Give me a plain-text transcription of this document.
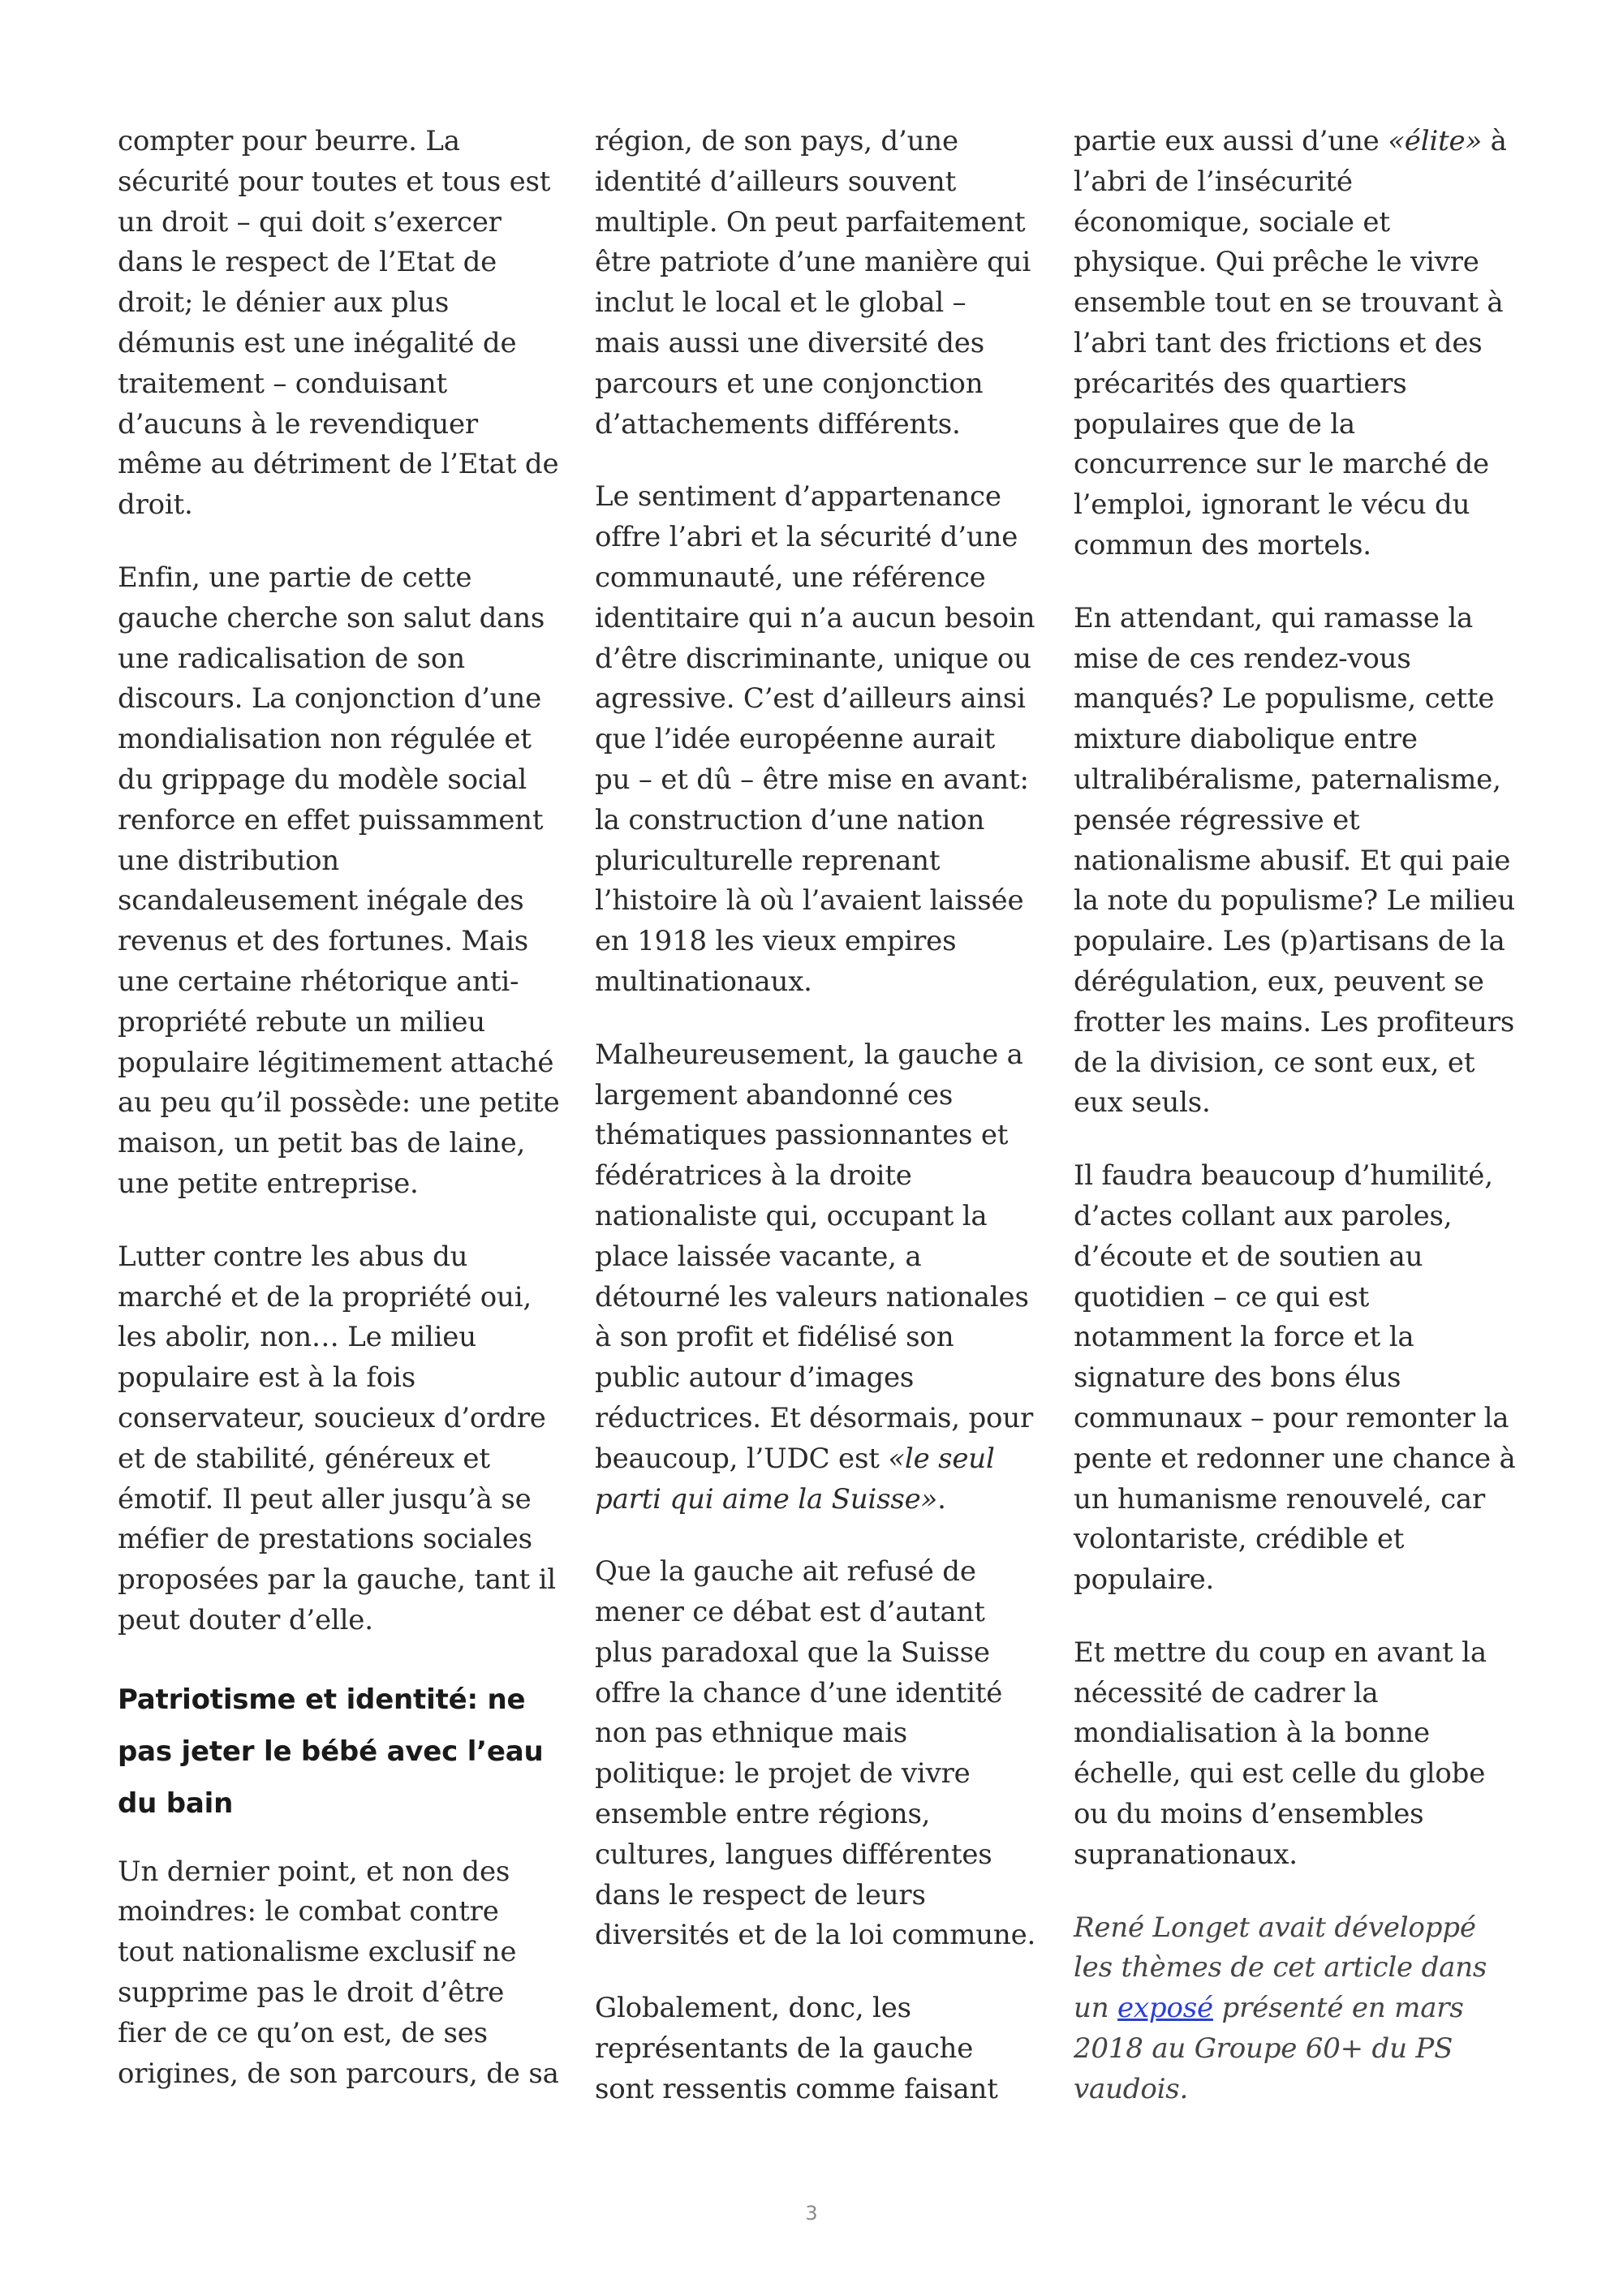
compter pour beurre. La
sécurité pour toutes et tous est
un droit – qui doit s’exercer
dans le respect de l’Etat de
droit; le dénier aux plus
démunis est une inégalité de
traitement – conduisant
d’aucuns à le revendiquer
même au détriment de l’Etat de
droit.

Enfin, une partie de cette
gauche cherche son salut dans
une radicalisation de son
discours. La conjonction d’une
mondialisation non régulée et
du grippage du modèle social
renforce en effet puissamment
une distribution
scandaleusement inégale des
revenus et des fortunes. Mais
une certaine rhétorique anti-
propriété rebute un milieu
populaire légitimement attaché
au peu qu’il possède: une petite
maison, un petit bas de laine,
une petite entreprise.

Lutter contre les abus du
marché et de la propriété oui,
les abolir, non… Le milieu
populaire est à la fois
conservateur, soucieux d’ordre
et de stabilité, généreux et
émotif. Il peut aller jusqu’à se
méfier de prestations sociales
proposées par la gauche, tant il
peut douter d’elle.

Patriotisme et identité: ne
pas jeter le bébé avec l’eau
du bain

Un dernier point, et non des
moindres: le combat contre
tout nationalisme exclusif ne
supprime pas le droit d’être
fier de ce qu’on est, de ses
origines, de son parcours, de sa

région, de son pays, d’une
identité d’ailleurs souvent
multiple. On peut parfaitement
être patriote d’une manière qui
inclut le local et le global –
mais aussi une diversité des
parcours et une conjonction
d’attachements différents.

Le sentiment d’appartenance
offre l’abri et la sécurité d’une
communauté, une référence
identitaire qui n’a aucun besoin
d’être discriminante, unique ou
agressive. C’est d’ailleurs ainsi
que l’idée européenne aurait
pu – et dû – être mise en avant:
la construction d’une nation
pluriculturelle reprenant
l’histoire là où l’avaient laissée
en 1918 les vieux empires
multinationaux.

Malheureusement, la gauche a
largement abandonné ces
thématiques passionnantes et
fédératrices à la droite
nationaliste qui, occupant la
place laissée vacante, a
détourné les valeurs nationales
à son profit et fidélisé son
public autour d’images
réductrices. Et désormais, pour
beaucoup, l’UDC est «le seul
parti qui aime la Suisse».

Que la gauche ait refusé de
mener ce débat est d’autant
plus paradoxal que la Suisse
offre la chance d’une identité
non pas ethnique mais
politique: le projet de vivre
ensemble entre régions,
cultures, langues différentes
dans le respect de leurs
diversités et de la loi commune.

Globalement, donc, les
représentants de la gauche
sont ressentis comme faisant

partie eux aussi d’une «élite» à
l’abri de l’insécurité
économique, sociale et
physique. Qui prêche le vivre
ensemble tout en se trouvant à
l’abri tant des frictions et des
précarités des quartiers
populaires que de la
concurrence sur le marché de
l’emploi, ignorant le vécu du
commun des mortels.

En attendant, qui ramasse la
mise de ces rendez-vous
manqués? Le populisme, cette
mixture diabolique entre
ultralibéralisme, paternalisme,
pensée régressive et
nationalisme abusif. Et qui paie
la note du populisme? Le milieu
populaire. Les (p)artisans de la
dérégulation, eux, peuvent se
frotter les mains. Les profiteurs
de la division, ce sont eux, et
eux seuls.

Il faudra beaucoup d’humilité,
d’actes collant aux paroles,
d’écoute et de soutien au
quotidien – ce qui est
notamment la force et la
signature des bons élus
communaux – pour remonter la
pente et redonner une chance à
un humanisme renouvelé, car
volontariste, crédible et
populaire.

Et mettre du coup en avant la
nécessité de cadrer la
mondialisation à la bonne
échelle, qui est celle du globe
ou du moins d’ensembles
supranationaux.

René Longet avait développé
les thèmes de cet article dans
un exposé présenté en mars
2018 au Groupe 60+ du PS
vaudois.

3
